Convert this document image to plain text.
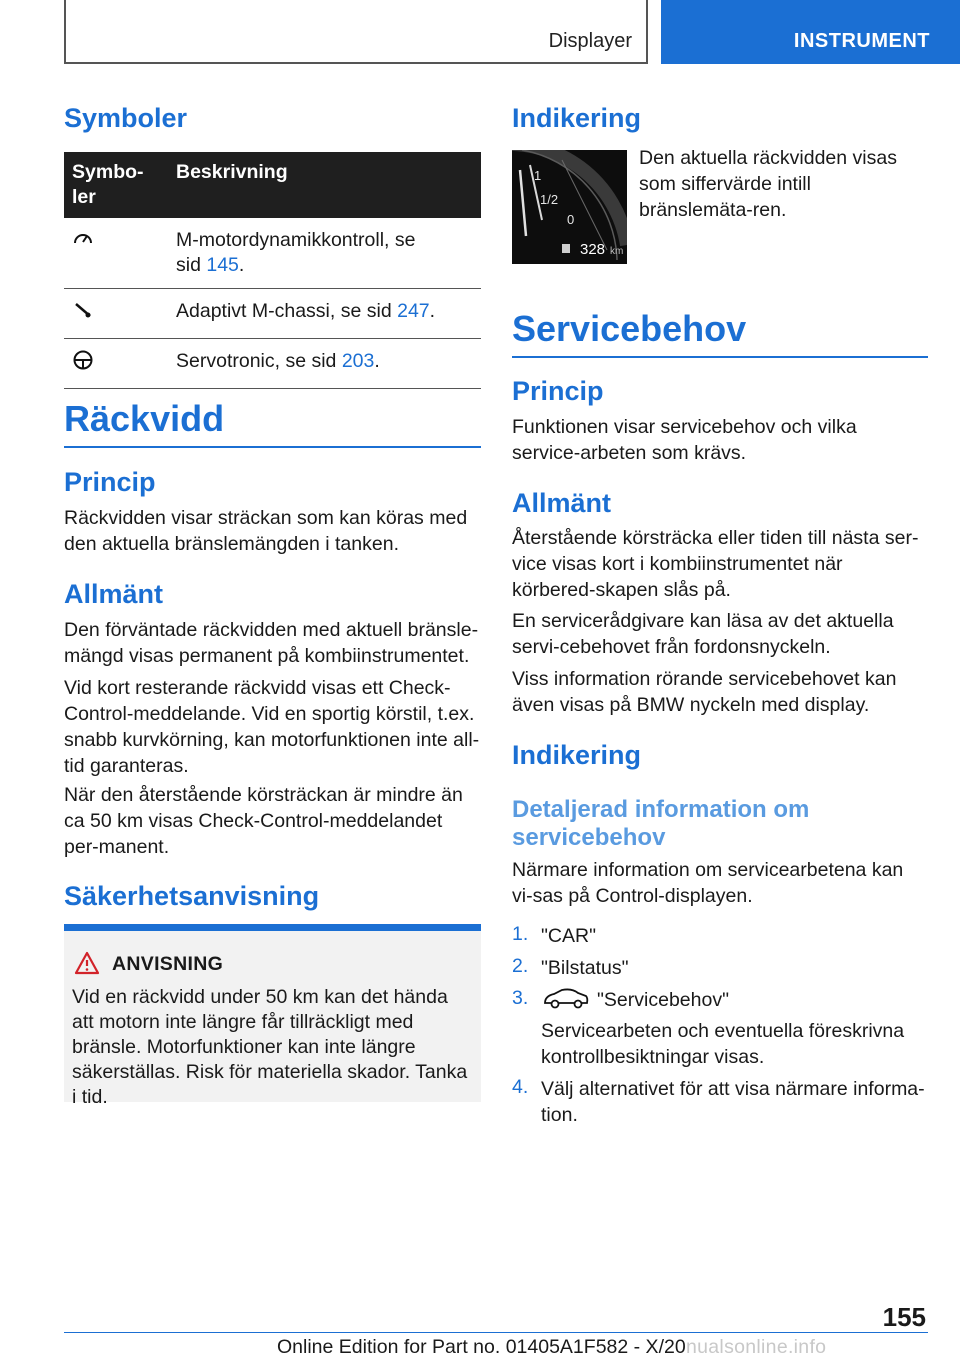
Displayer	INSTRUMENT
Symboler
Symbo-
ler	Beskrivning
	M-motordynamikkontroll, se
sid 145.
	Adaptivt M-chassi, se sid 247.
	Servotronic, se sid 203.
Räckvidd
Princip

Räckvidden visar sträckan som kan köras med den aktuella bränslemängden i tanken.

Allmänt

Den förväntade räckvidden med aktuell bränsle-mängd visas permanent på kombiinstrumentet.

Vid kort resterande räckvidd visas ett Check-Control-meddelande. Vid en sportig körstil, t.ex. snabb kurvkörning, kan motorfunktionen inte all-tid garanteras.

När den återstående körsträckan är mindre än ca 50 km visas Check-Control-meddelandet per-manent.

Säkerhetsanvisning
ANVISNING
Vid en räckvidd under 50 km kan det hända att motorn inte längre får tillräckligt med bränsle. Motorfunktioner kan inte längre säkerställas. Risk för materiella skador. Tanka i tid.
Indikering
1
1/2
0
328 km

Den aktuella räckvidden visas som siffervärde intill bränslemäta-ren.

Servicebehov
Princip

Funktionen visar servicebehov och vilka service-arbeten som krävs.

Allmänt

Återstående körsträcka eller tiden till nästa ser-vice visas kort i kombiinstrumentet när körbered-skapen slås på.

En servicerådgivare kan läsa av det aktuella servi-cebehovet från fordonsnyckeln.

Viss information rörande servicebehovet kan även visas på BMW nyckeln med display.

Indikering
Detaljerad information om servicebehov

Närmare information om servicearbetena kan vi-sas på Control-displayen.

1. "CAR"
2. "Bilstatus"
3.	"Servicebehov"
Servicearbeten och eventuella föreskrivna kontrollbesiktningar visas.
4. Välj alternativet för att visa närmare informa-tion.
155
Online Edition for Part no. 01405A1F582 - X/20 nualsonline.info
